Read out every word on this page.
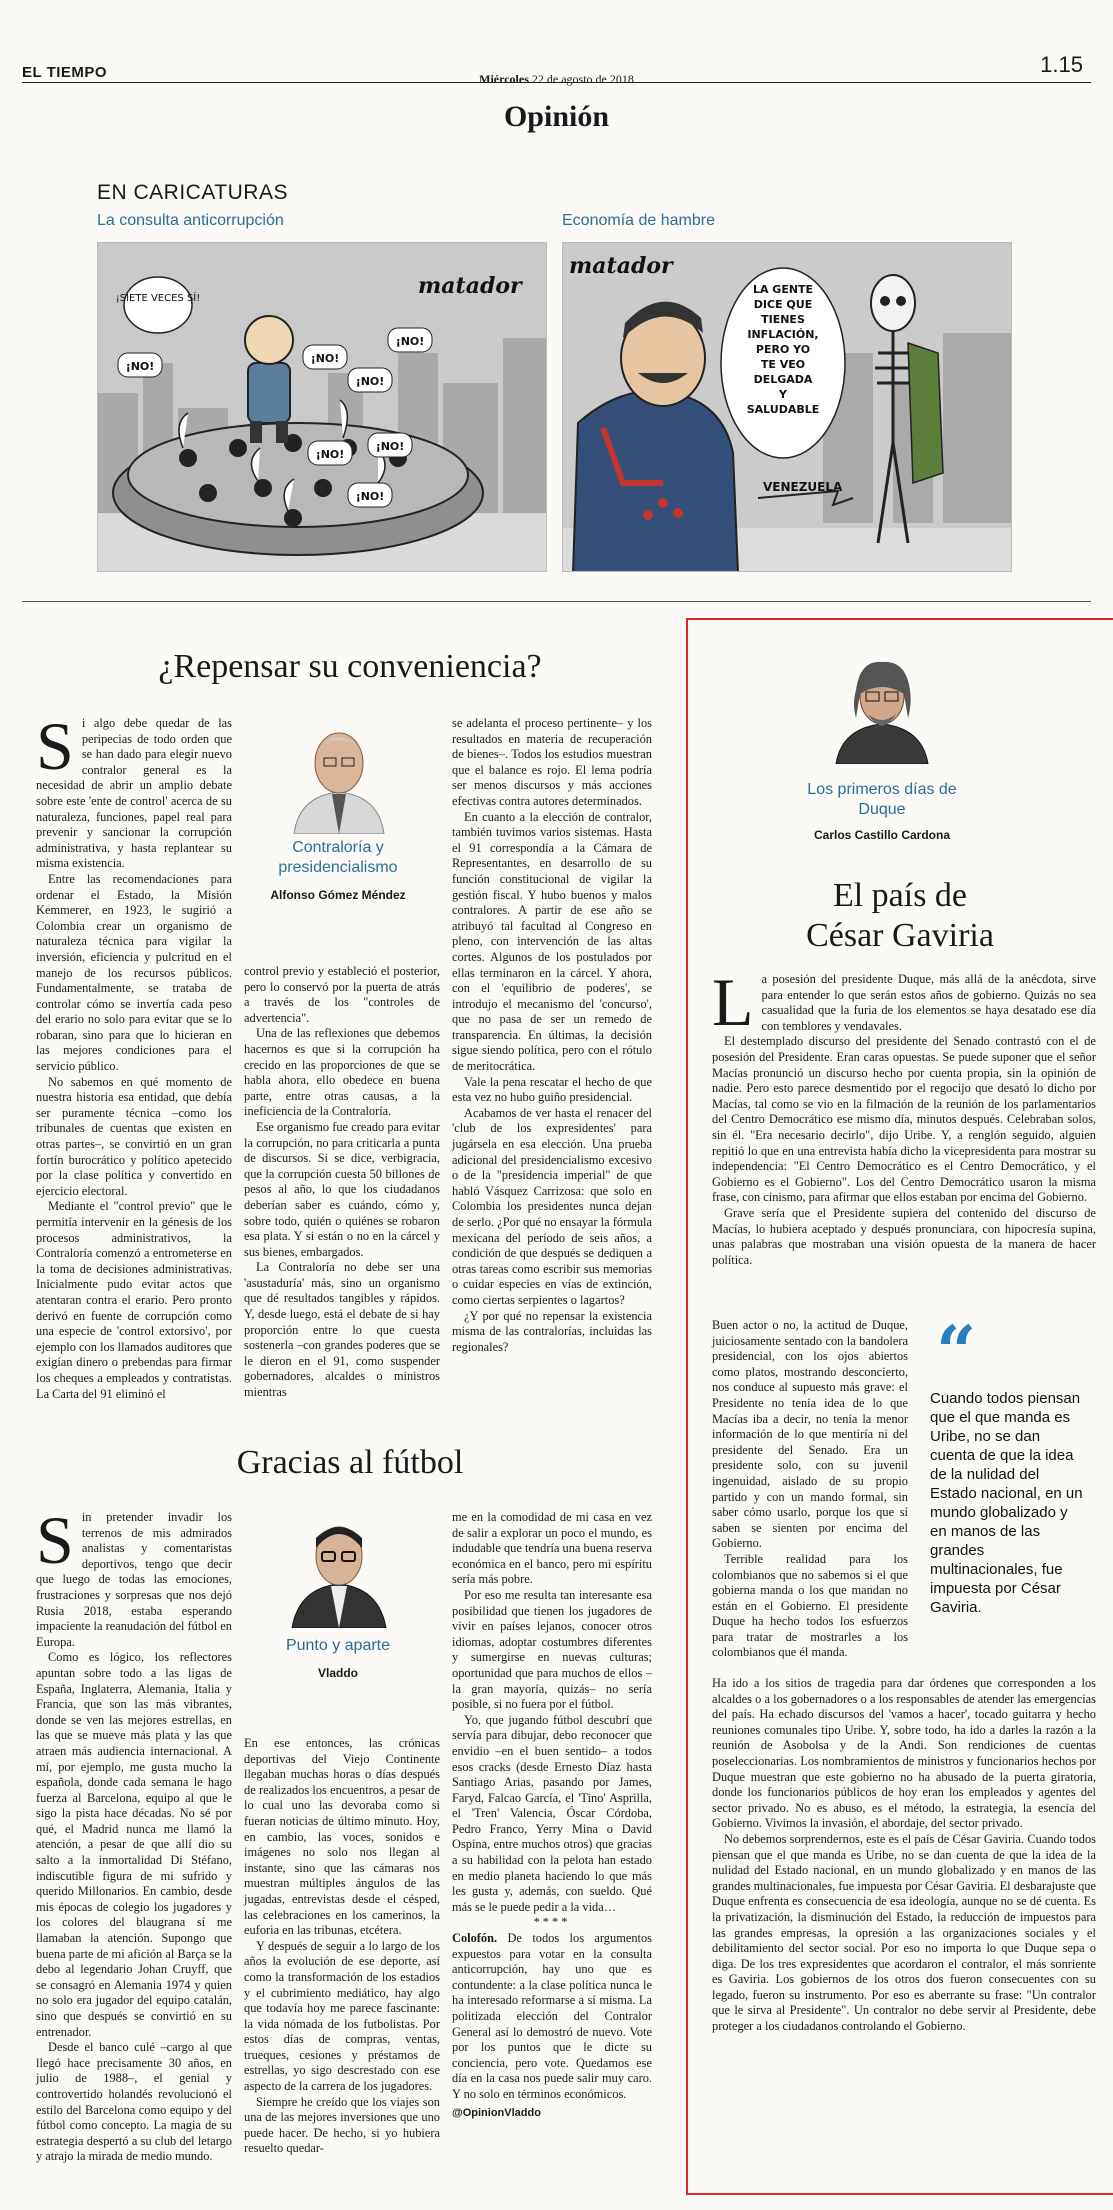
EL TIEMPO	Miércoles 22 de agosto de 2018
1.15
Opinión
EN CARICATURAS
La consulta anticorrupción	Economía de hambre
¡SIETE VECES SÍ!
¡NO!
¡NO!
¡NO!
¡NO!
¡NO!
¡NO!
¡NO!
matador	LA GENTE
DICE QUE
TIENES
INFLACIÓN,
PERO YO
TE VEO
DELGADA
Y
SALUDABLE
VENEZUELA
matador
¿Repensar su conveniencia?

Si algo debe quedar de las peripecias de todo orden que se han dado para elegir nuevo contralor general es la necesidad de abrir un amplio debate sobre este 'ente de control' acerca de su naturaleza, funciones, papel real para prevenir y sancionar la corrupción administrativa, y hasta replantear su misma existencia.

Entre las recomendaciones para ordenar el Estado, la Misión Kemmerer, en 1923, le sugirió a Colombia crear un organismo de naturaleza técnica para vigilar la inversión, eficiencia y pulcritud en el manejo de los recursos públicos. Fundamentalmente, se trataba de controlar cómo se invertía cada peso del erario no solo para evitar que se lo robaran, sino para que lo hicieran en las mejores condiciones para el servicio público.

No sabemos en qué momento de nuestra historia esa entidad, que debía ser puramente técnica –como los tribunales de cuentas que existen en otras partes–, se convirtió en un gran fortín burocrático y político apetecido por la clase política y convertido en ejercicio electoral.

Mediante el "control previo" que le permitía intervenir en la génesis de los procesos administrativos, la Contraloría comenzó a entrometerse en la toma de decisiones administrativas. Inicialmente pudo evitar actos que atentaran contra el erario. Pero pronto derivó en fuente de corrupción como una especie de 'control extorsivo', por ejemplo con los llamados auditores que exigían dinero o prebendas para firmar los cheques a empleados y contratistas. La Carta del 91 eliminó el

Contraloría y presidencialismo
Alfonso Gómez Méndez

control previo y estableció el posterior, pero lo conservó por la puerta de atrás a través de los "controles de advertencia".

Una de las reflexiones que debemos hacernos es que si la corrupción ha crecido en las proporciones de que se habla ahora, ello obedece en buena parte, entre otras causas, a la ineficiencia de la Contraloría.

Ese organismo fue creado para evitar la corrupción, no para criticarla a punta de discursos. Si se dice, verbigracia, que la corrupción cuesta 50 billones de pesos al año, lo que los ciudadanos deberían saber es cuándo, cómo y, sobre todo, quién o quiénes se robaron esa plata. Y si están o no en la cárcel y sus bienes, embargados.

La Contraloría no debe ser una 'asustaduría' más, sino un organismo que dé resultados tangibles y rápidos. Y, desde luego, está el debate de si hay proporción entre lo que cuesta sostenerla –con grandes poderes que se le dieron en el 91, como suspender gobernadores, alcaldes o ministros mientras

se adelanta el proceso pertinente– y los resultados en materia de recuperación de bienes–. Todos los estudios muestran que el balance es rojo. El lema podría ser menos discursos y más acciones efectivas contra autores determinados.

En cuanto a la elección de contralor, también tuvimos varios sistemas. Hasta el 91 correspondía a la Cámara de Representantes, en desarrollo de su función constitucional de vigilar la gestión fiscal. Y hubo buenos y malos contralores. A partir de ese año se atribuyó tal facultad al Congreso en pleno, con intervención de las altas cortes. Algunos de los postulados por ellas terminaron en la cárcel. Y ahora, con el 'equilibrio de poderes', se introdujo el mecanismo del 'concurso', que no pasa de ser un remedo de transparencia. En últimas, la decisión sigue siendo política, pero con el rótulo de meritocrática.

Vale la pena rescatar el hecho de que esta vez no hubo guiño presidencial.

Acabamos de ver hasta el renacer del 'club de los expresidentes' para jugársela en esa elección. Una prueba adicional del presidencialismo excesivo o de la "presidencia imperial" de que habló Vásquez Carrizosa: que solo en Colombia los presidentes nunca dejan de serlo. ¿Por qué no ensayar la fórmula mexicana del período de seis años, a condición de que después se dediquen a otras tareas como escribir sus memorias o cuidar especies en vías de extinción, como ciertas serpientes o lagartos?

¿Y por qué no repensar la existencia misma de las contralorías, incluidas las regionales?

Gracias al fútbol

Sin pretender invadir los terrenos de mis admirados analistas y comentaristas deportivos, tengo que decir que luego de todas las emociones, frustraciones y sorpresas que nos dejó Rusia 2018, estaba esperando impaciente la reanudación del fútbol en Europa.

Como es lógico, los reflectores apuntan sobre todo a las ligas de España, Inglaterra, Alemania, Italia y Francia, que son las más vibrantes, donde se ven las mejores estrellas, en las que se mueve más plata y las que atraen más audiencia internacional. A mí, por ejemplo, me gusta mucho la española, donde cada semana le hago fuerza al Barcelona, equipo al que le sigo la pista hace décadas. No sé por qué, el Madrid nunca me llamó la atención, a pesar de que allí dio su salto a la inmortalidad Di Stéfano, indiscutible figura de mi sufrido y querido Millonarios. En cambio, desde mis épocas de colegio los jugadores y los colores del blaugrana sí me llamaban la atención. Supongo que buena parte de mi afición al Barça se la debo al legendario Johan Cruyff, que se consagró en Alemania 1974 y quien no solo era jugador del equipo catalán, sino que después se convirtió en su entrenador.

Desde el banco culé –cargo al que llegó hace precisamente 30 años, en julio de 1988–, el genial y controvertido holandés revolucionó el estilo del Barcelona como equipo y del fútbol como concepto. La magia de su estrategia despertó a su club del letargo y atrajo la mirada de medio mundo.

Punto y aparte
Vladdo

En ese entonces, las crónicas deportivas del Viejo Continente llegaban muchas horas o días después de realizados los encuentros, a pesar de lo cual uno las devoraba como si fueran noticias de último minuto. Hoy, en cambio, las voces, sonidos e imágenes no solo nos llegan al instante, sino que las cámaras nos muestran múltiples ángulos de las jugadas, entrevistas desde el césped, las celebraciones en los camerinos, la euforia en las tribunas, etcétera.

Y después de seguir a lo largo de los años la evolución de ese deporte, así como la transformación de los estadios y el cubrimiento mediático, hay algo que todavía hoy me parece fascinante: la vida nómada de los futbolistas. Por estos días de compras, ventas, trueques, cesiones y préstamos de estrellas, yo sigo descrestado con ese aspecto de la carrera de los jugadores.

Siempre he creído que los viajes son una de las mejores inversiones que uno puede hacer. De hecho, si yo hubiera resuelto quedar-

me en la comodidad de mi casa en vez de salir a explorar un poco el mundo, es indudable que tendría una buena reserva económica en el banco, pero mi espíritu sería más pobre.

Por eso me resulta tan interesante esa posibilidad que tienen los jugadores de vivir en países lejanos, conocer otros idiomas, adoptar costumbres diferentes y sumergirse en nuevas culturas; oportunidad que para muchos de ellos –la gran mayoría, quizás– no sería posible, si no fuera por el fútbol.

Yo, que jugando fútbol descubrí que servía para dibujar, debo reconocer que envidio –en el buen sentido– a todos esos cracks (desde Ernesto Díaz hasta Santiago Arias, pasando por James, Faryd, Falcao García, el 'Tino' Asprilla, el 'Tren' Valencia, Óscar Córdoba, Pedro Franco, Yerry Mina o David Ospina, entre muchos otros) que gracias a su habilidad con la pelota han estado en medio planeta haciendo lo que más les gusta y, además, con sueldo. Qué más se le puede pedir a la vida…

****

Colofón. De todos los argumentos expuestos para votar en la consulta anticorrupción, hay uno que es contundente: a la clase política nunca le ha interesado reformarse a sí misma. La politizada elección del Contralor General así lo demostró de nuevo. Vote por los puntos que le dicte su conciencia, pero vote. Quedamos ese día en la casa nos puede salir muy caro. Y no solo en términos económicos.

@OpinionVladdo

Los primeros días de Duque
Carlos Castillo Cardona
El país de
César Gaviria

La posesión del presidente Duque, más allá de la anécdota, sirve para entender lo que serán estos años de gobierno. Quizás no sea casualidad que la furia de los elementos se haya desatado ese día con temblores y vendavales.

El destemplado discurso del presidente del Senado contrastó con el de posesión del Presidente. Eran caras opuestas. Se puede suponer que el señor Macías pronunció un discurso hecho por cuenta propia, sin la opinión de nadie. Pero esto parece desmentido por el regocijo que desató lo dicho por Macías, tal como se vio en la filmación de la reunión de los parlamentarios del Centro Democrático ese mismo día, minutos después. Celebraban solos, sin él. "Era necesario decirlo", dijo Uribe. Y, a renglón seguido, alguien repitió lo que en una entrevista había dicho la vicepresidenta para mostrar su independencia: "El Centro Democrático es el Centro Democrático, y el Gobierno es el Gobierno". Los del Centro Democrático usaron la misma frase, con cinismo, para afirmar que ellos estaban por encima del Gobierno.

Grave sería que el Presidente supiera del contenido del discurso de Macías, lo hubiera aceptado y después pronunciara, con hipocresía supina, unas palabras que mostraban una visión opuesta de la manera de hacer política.

Buen actor o no, la actitud de Duque, juiciosamente sentado con la bandolera presidencial, con los ojos abiertos como platos, mostrando desconcierto, nos conduce al supuesto más grave: el Presidente no tenía idea de lo que Macías iba a decir, no tenía la menor información de lo que mentiría ni del presidente del Senado. Era un presidente solo, con su juvenil ingenuidad, aislado de su propio partido y con un mando formal, sin saber cómo usarlo, porque los que sí saben se sienten por encima del Gobierno.

Terrible realidad para los colombianos que no sabemos si el que gobierna manda o los que mandan no están en el Gobierno. El presidente Duque ha hecho todos los esfuerzos para tratar de mostrarles a los colombianos que él manda.

“
Cuando todos piensan que el que manda es Uribe, no se dan cuenta de que la idea de la nulidad del Estado nacional, en un mundo globalizado y en manos de las grandes multinacionales, fue impuesta por César Gaviria.

Ha ido a los sitios de tragedia para dar órdenes que corresponden a los alcaldes o a los gobernadores o a los responsables de atender las emergencias del país. Ha echado discursos del 'vamos a hacer', tocado guitarra y hecho reuniones comunales tipo Uribe. Y, sobre todo, ha ido a darles la razón a la reunión de Asobolsa y de la Andi. Son rendiciones de cuentas poseleccionarias. Los nombramientos de ministros y funcionarios hechos por Duque muestran que este gobierno no ha abusado de la puerta giratoria, donde los funcionarios públicos de hoy eran los empleados y agentes del sector privado. No es abuso, es el método, la estrategia, la esencia del Gobierno. Vivimos la invasión, el abordaje, del sector privado.

No debemos sorprendernos, este es el país de César Gaviria. Cuando todos piensan que el que manda es Uribe, no se dan cuenta de que la idea de la nulidad del Estado nacional, en un mundo globalizado y en manos de las grandes multinacionales, fue impuesta por César Gaviria. El desbarajuste que Duque enfrenta es consecuencia de esa ideología, aunque no se dé cuenta. Es la privatización, la disminución del Estado, la reducción de impuestos para las grandes empresas, la opresión a las organizaciones sociales y el debilitamiento del sector social. Por eso no importa lo que Duque sepa o diga. De los tres expresidentes que acordaron el contralor, el más sonriente es Gaviria. Los gobiernos de los otros dos fueron consecuentes con su legado, fueron su instrumento. Por eso es aberrante su frase: "Un contralor que le sirva al Presidente". Un contralor no debe servir al Presidente, debe proteger a los ciudadanos controlando el Gobierno.
